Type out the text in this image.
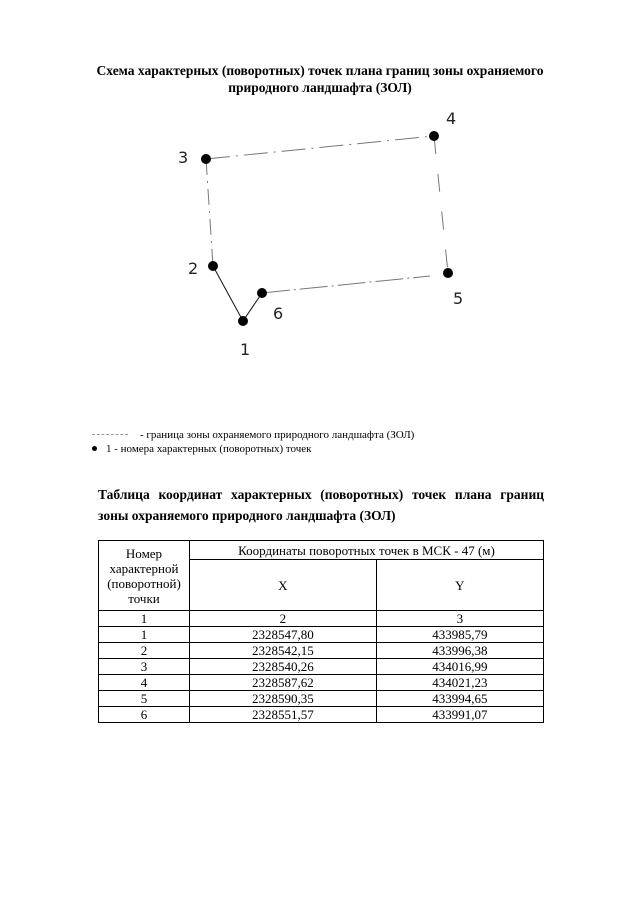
Схема характерных (поворотных) точек плана границ зоны охраняемого природного ландшафта (ЗОЛ)
1
2
3
4
5
6
- граница зоны охраняемого природного ландшафта (ЗОЛ)
1 - номера характерных (поворотных) точек
Таблица координат характерных (поворотных) точек плана границ зоны охраняемого природного ландшафта (ЗОЛ)
Номер характерной (поворотной) точки	Координаты поворотных точек в МСК - 47 (м)	
	X	Y
1	2	3
1	2328547,80	433985,79
2	2328542,15	433996,38
3	2328540,26	434016,99
4	2328587,62	434021,23
5	2328590,35	433994,65
6	2328551,57	433991,07
